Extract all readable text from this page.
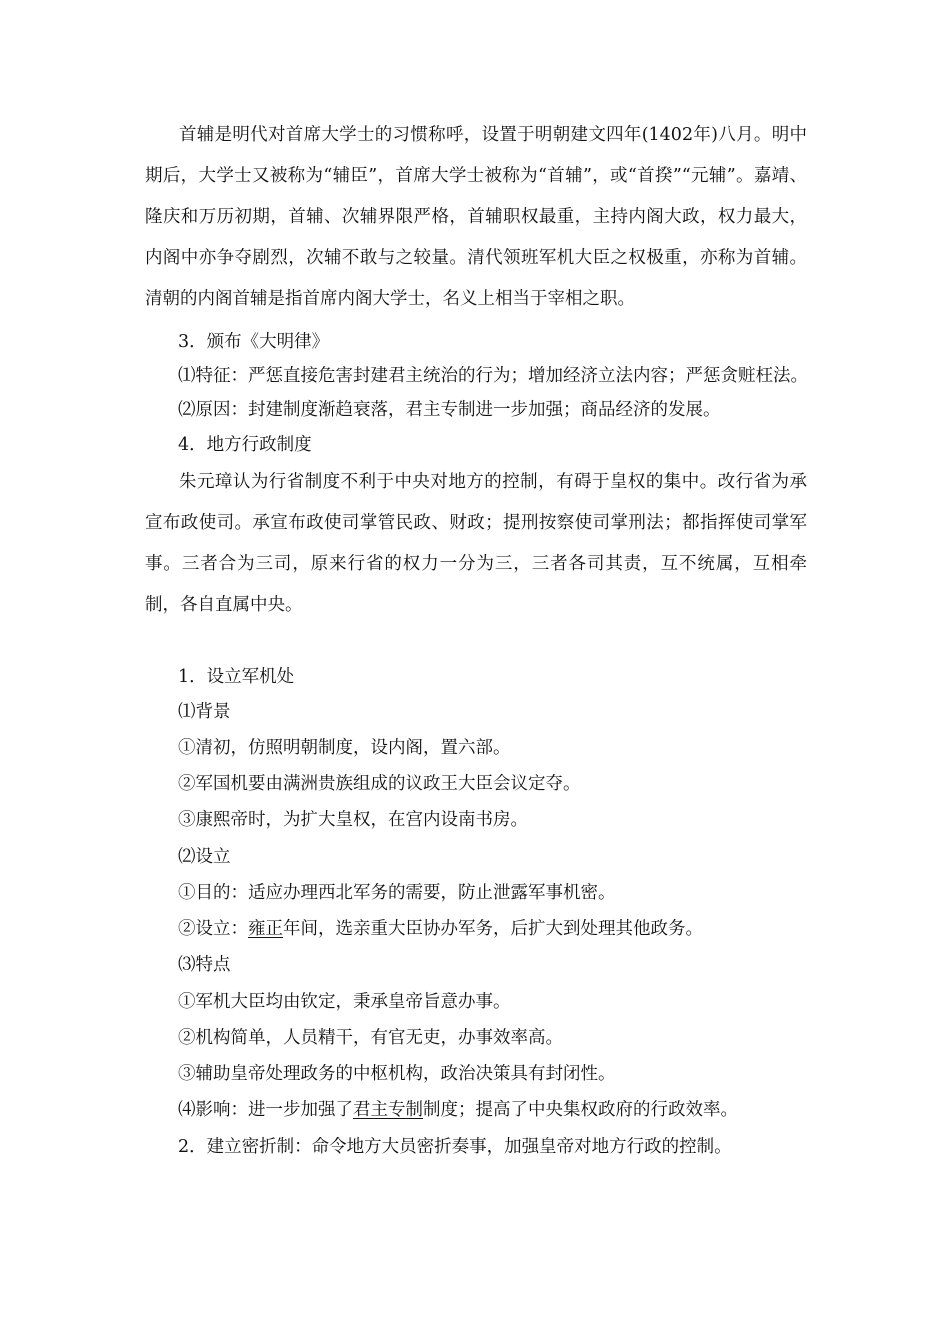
首辅是明代对首席大学士的习惯称呼，设置于明朝建文四年(1402年)八月。明中期后，大学士又被称为“辅臣”，首席大学士被称为“首辅”，或“首揆”“元辅”。嘉靖、隆庆和万历初期，首辅、次辅界限严格，首辅职权最重，主持内阁大政，权力最大，内阁中亦争夺剧烈，次辅不敢与之较量。清代领班军机大臣之权极重，亦称为首辅。清朝的内阁首辅是指首席内阁大学士，名义上相当于宰相之职。

3．颁布《大明律》

⑴特征：严惩直接危害封建君主统治的行为；增加经济立法内容；严惩贪赃枉法。

⑵原因：封建制度渐趋衰落，君主专制进一步加强；商品经济的发展。

4．地方行政制度

朱元璋认为行省制度不利于中央对地方的控制，有碍于皇权的集中。改行省为承宣布政使司。承宣布政使司掌管民政、财政；提刑按察使司掌刑法；都指挥使司掌军事。三者合为三司，原来行省的权力一分为三，三者各司其责，互不统属，互相牵制，各自直属中央。

1．设立军机处

⑴背景

①清初，仿照明朝制度，设内阁，置六部。

②军国机要由满洲贵族组成的议政王大臣会议定夺。

③康熙帝时，为扩大皇权，在宫内设南书房。

⑵设立

①目的：适应办理西北军务的需要，防止泄露军事机密。

②设立：雍正年间，选亲重大臣协办军务，后扩大到处理其他政务。

⑶特点

①军机大臣均由钦定，秉承皇帝旨意办事。

②机构简单，人员精干，有官无吏，办事效率高。

③辅助皇帝处理政务的中枢机构，政治决策具有封闭性。

⑷影响：进一步加强了君主专制制度；提高了中央集权政府的行政效率。

2．建立密折制：命令地方大员密折奏事，加强皇帝对地方行政的控制。
